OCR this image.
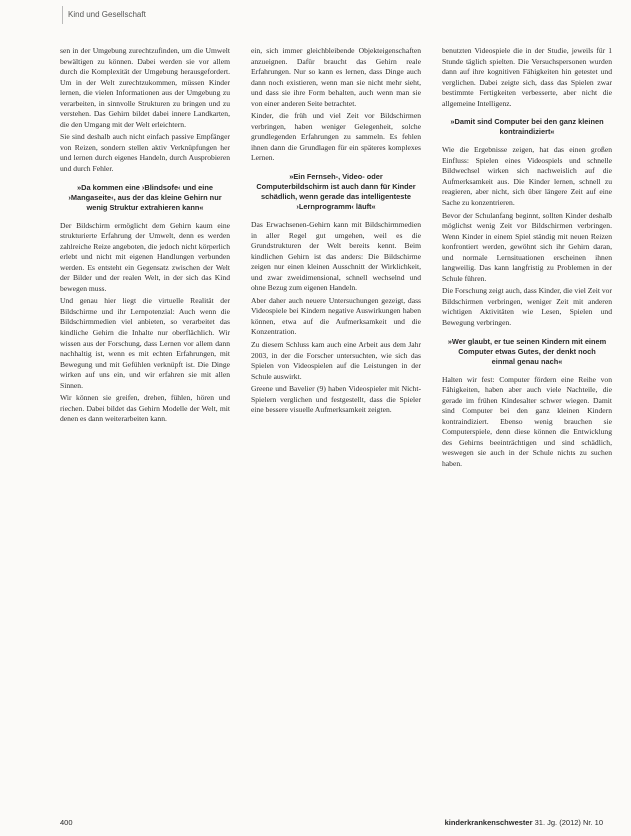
Kind und Gesellschaft

sen in der Umgebung zurechtzufinden, um die Umwelt bewältigen zu können. Dabei werden sie vor allem durch die Komplexität der Umgebung herausgefordert. Um in der Welt zurechtzukommen, müssen Kinder lernen, die vielen Informationen aus der Umgebung zu verarbeiten, in sinnvolle Strukturen zu bringen und zu verstehen. Das Gehirn bildet dabei innere Landkarten, die den Umgang mit der Welt erleichtern.

Sie sind deshalb auch nicht einfach passive Empfänger von Reizen, sondern stellen aktiv Verknüpfungen her und lernen durch eigenes Handeln, durch Ausprobieren und durch Fehler.

»Da kommen eine ›Blindsofe‹ und eine ›Mangaseite‹, aus der das kleine Gehirn nur wenig Struktur extrahieren kann«

Der Bildschirm ermöglicht dem Gehirn kaum eine strukturierte Erfahrung der Umwelt, denn es werden zahlreiche Reize angeboten, die jedoch nicht körperlich erlebt und nicht mit eigenen Handlungen verbunden werden. Es entsteht ein Gegensatz zwischen der Welt der Bilder und der realen Welt, in der sich das Kind bewegen muss.

Und genau hier liegt die virtuelle Realität der Bildschirme und ihr Lernpotenzial: Auch wenn die Bildschirmmedien viel anbieten, so verarbeitet das kindliche Gehirn die Inhalte nur oberflächlich. Wir wissen aus der Forschung, dass Lernen vor allem dann nachhaltig ist, wenn es mit echten Erfahrungen, mit Bewegung und mit Gefühlen verknüpft ist. Die Dinge wirken auf uns ein, und wir erfahren sie mit allen Sinnen.

Wir können sie greifen, drehen, fühlen, hören und riechen. Dabei bildet das Gehirn Modelle der Welt, mit denen es dann weiterarbeiten kann.

ein, sich immer gleichbleibende Objekteigenschaften anzueignen. Dafür braucht das Gehirn reale Erfahrungen. Nur so kann es lernen, dass Dinge auch dann noch existieren, wenn man sie nicht mehr sieht, und dass sie ihre Form behalten, auch wenn man sie von einer anderen Seite betrachtet.

Kinder, die früh und viel Zeit vor Bildschirmen verbringen, haben weniger Gelegenheit, solche grundlegenden Erfahrungen zu sammeln. Es fehlen ihnen dann die Grundlagen für ein späteres komplexes Lernen.

»Ein Fernseh-, Video- oder Computerbildschirm ist auch dann für Kinder schädlich, wenn gerade das intelligenteste ›Lernprogramm‹ läuft«

Das Erwachsenen-Gehirn kann mit Bildschirmmedien in aller Regel gut umgehen, weil es die Grundstrukturen der Welt bereits kennt. Beim kindlichen Gehirn ist das anders: Die Bildschirme zeigen nur einen kleinen Ausschnitt der Wirklichkeit, und zwar zweidimensional, schnell wechselnd und ohne Bezug zum eigenen Handeln.

Aber daher auch neuere Untersuchungen gezeigt, dass Videospiele bei Kindern negative Auswirkungen haben können, etwa auf die Aufmerksamkeit und die Konzentration.

Zu diesem Schluss kam auch eine Arbeit aus dem Jahr 2003, in der die Forscher untersuchten, wie sich das Spielen von Videospielen auf die Leistungen in der Schule auswirkt.

Greene und Bavelier (9) haben Videospieler mit Nicht-Spielern verglichen und festgestellt, dass die Spieler eine bessere visuelle Aufmerksamkeit zeigten.

benutzten Videospiele die in der Studie, jeweils für 1 Stunde täglich spielten. Die Versuchspersonen wurden dann auf ihre kognitiven Fähigkeiten hin getestet und verglichen. Dabei zeigte sich, dass das Spielen zwar bestimmte Fertigkeiten verbesserte, aber nicht die allgemeine Intelligenz.

»Damit sind Computer bei den ganz kleinen kontraindiziert«

Wie die Ergebnisse zeigen, hat das einen großen Einfluss: Spielen eines Videospiels und schnelle Bildwechsel wirken sich nachweislich auf die Aufmerksamkeit aus. Die Kinder lernen, schnell zu reagieren, aber nicht, sich über längere Zeit auf eine Sache zu konzentrieren.

Bevor der Schulanfang beginnt, sollten Kinder deshalb möglichst wenig Zeit vor Bildschirmen verbringen. Wenn Kinder in einem Spiel ständig mit neuen Reizen konfrontiert werden, gewöhnt sich ihr Gehirn daran, und normale Lernsituationen erscheinen ihnen langweilig. Das kann langfristig zu Problemen in der Schule führen.

Die Forschung zeigt auch, dass Kinder, die viel Zeit vor Bildschirmen verbringen, weniger Zeit mit anderen wichtigen Aktivitäten wie Lesen, Spielen und Bewegung verbringen.

»Wer glaubt, er tue seinen Kindern mit einem Computer etwas Gutes, der denkt noch einmal genau nach«

Halten wir fest: Computer fördern eine Reihe von Fähigkeiten, haben aber auch viele Nachteile, die gerade im frühen Kindesalter schwer wiegen. Damit sind Computer bei den ganz kleinen Kindern kontraindiziert. Ebenso wenig brauchen sie Computerspiele, denn diese können die Entwicklung des Gehirns beeinträchtigen und sind schädlich, weswegen sie auch in der Schule nichts zu suchen haben.

400	kinderkrankenschwester 31. Jg. (2012) Nr. 10
